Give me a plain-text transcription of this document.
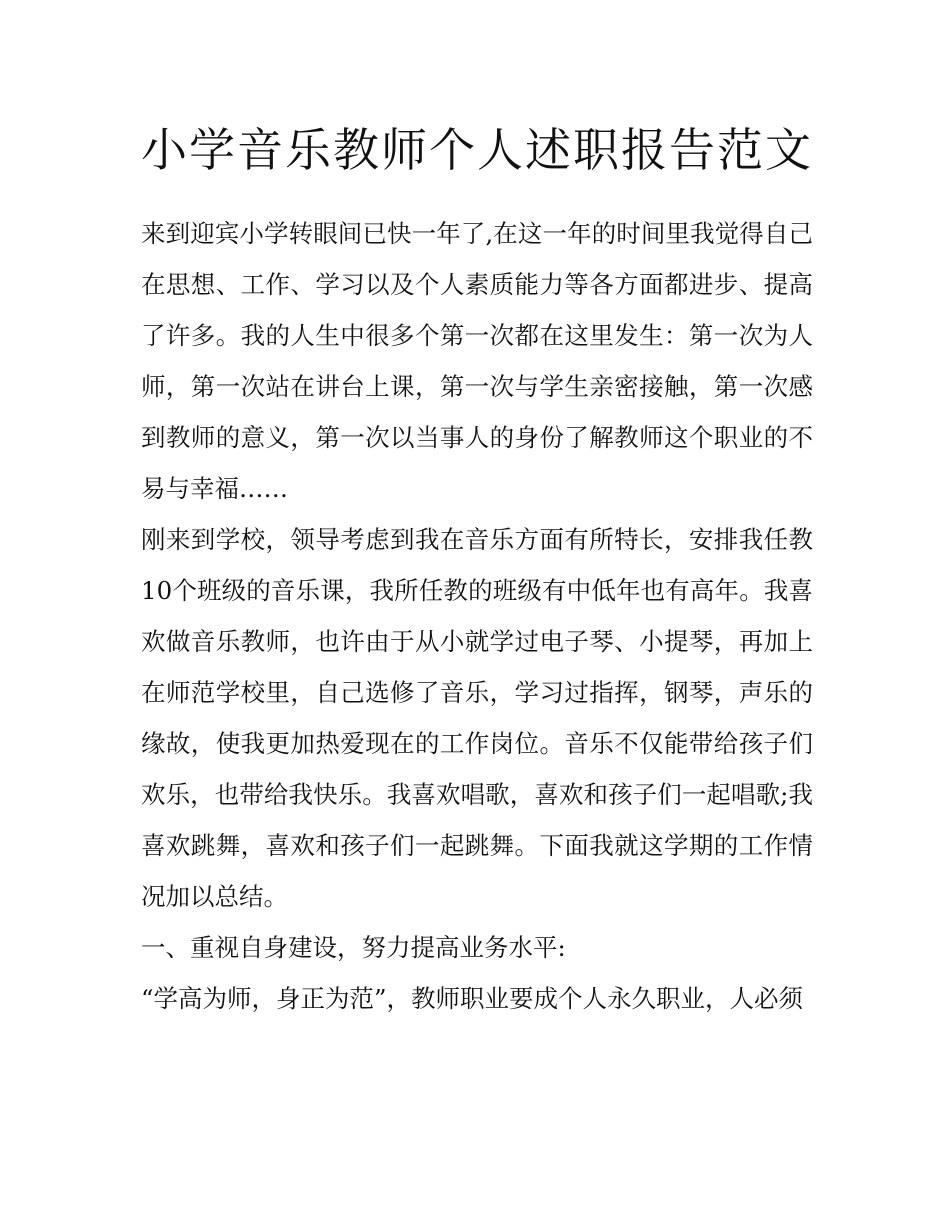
小学音乐教师个人述职报告范文

来到迎宾小学转眼间已快一年了,在这一年的时间里我觉得自己在思想、工作、学习以及个人素质能力等各方面都进步、提高了许多。我的人生中很多个第一次都在这里发生：第一次为人师，第一次站在讲台上课，第一次与学生亲密接触，第一次感到教师的意义，第一次以当事人的身份了解教师这个职业的不易与幸福……

刚来到学校，领导考虑到我在音乐方面有所特长，安排我任教10个班级的音乐课，我所任教的班级有中低年也有高年。我喜欢做音乐教师，也许由于从小就学过电子琴、小提琴，再加上在师范学校里，自己选修了音乐，学习过指挥，钢琴，声乐的缘故，使我更加热爱现在的工作岗位。音乐不仅能带给孩子们欢乐，也带给我快乐。我喜欢唱歌，喜欢和孩子们一起唱歌;我喜欢跳舞，喜欢和孩子们一起跳舞。下面我就这学期的工作情况加以总结。

一、重视自身建设，努力提高业务水平:

“学高为师，身正为范”，教师职业要成个人永久职业，人必须
